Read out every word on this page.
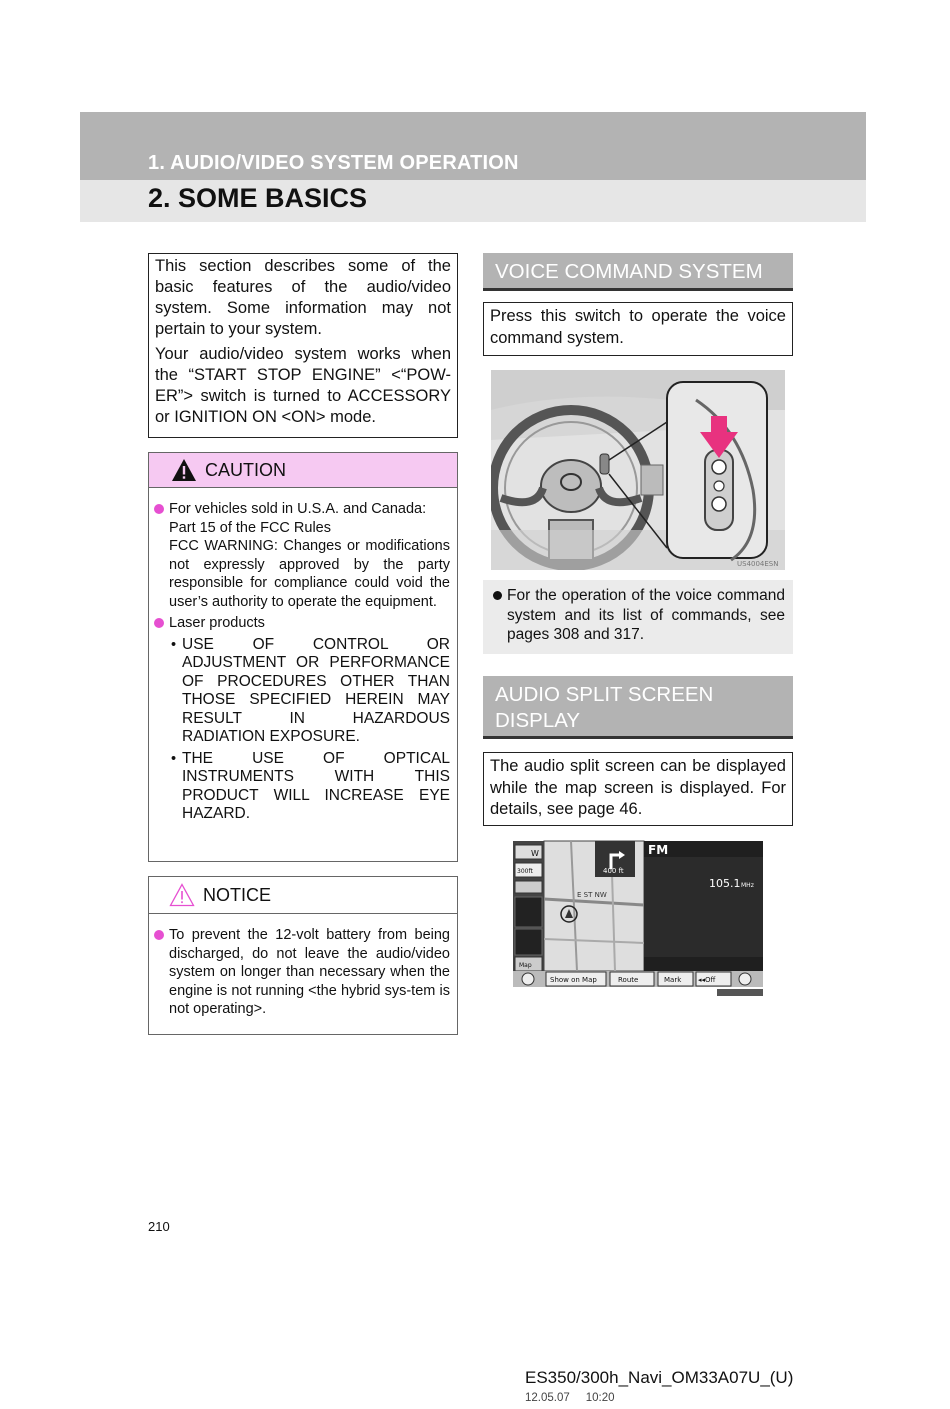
1. AUDIO/VIDEO SYSTEM OPERATION
2. SOME BASICS

This section describes some of the basic features of the audio/video system. Some information may not pertain to your system.

Your audio/video system works when the “START STOP ENGINE” <“POW-ER”> switch is turned to ACCESSORY or IGNITION ON <ON> mode.

CAUTION
For vehicles sold in U.S.A. and Canada: Part 15 of the FCC Rules
FCC WARNING: Changes or modifications not expressly approved by the party responsible for compliance could void the user’s authority to operate the equipment.
Laser products
• USE OF CONTROL OR ADJUSTMENT OR PERFORMANCE OF PROCEDURES OTHER THAN THOSE SPECIFIED HEREIN MAY RESULT IN HAZARDOUS RADIATION EXPOSURE.
• THE USE OF OPTICAL INSTRUMENTS WITH THIS PRODUCT WILL INCREASE EYE HAZARD.
NOTICE
To prevent the 12-volt battery from being discharged, do not leave the audio/video system on longer than necessary when the engine is not running <the hybrid sys-tem is not operating>.
VOICE COMMAND SYSTEM
Press this switch to operate the voice command system.
US4004ESN
For the operation of the voice command system and its list of commands, see pages 308 and 317.
AUDIO SPLIT SCREEN DISPLAY
The audio split screen can be displayed while the map screen is displayed. For details, see page 46.
E ST NW
400 ft
W
300ft
Map
FM
105.1 MHz
Show on Map	Route	Mark ◂◂Off
210
ES350/300h_Navi_OM33A07U_(U)
12.05.07     10:20
